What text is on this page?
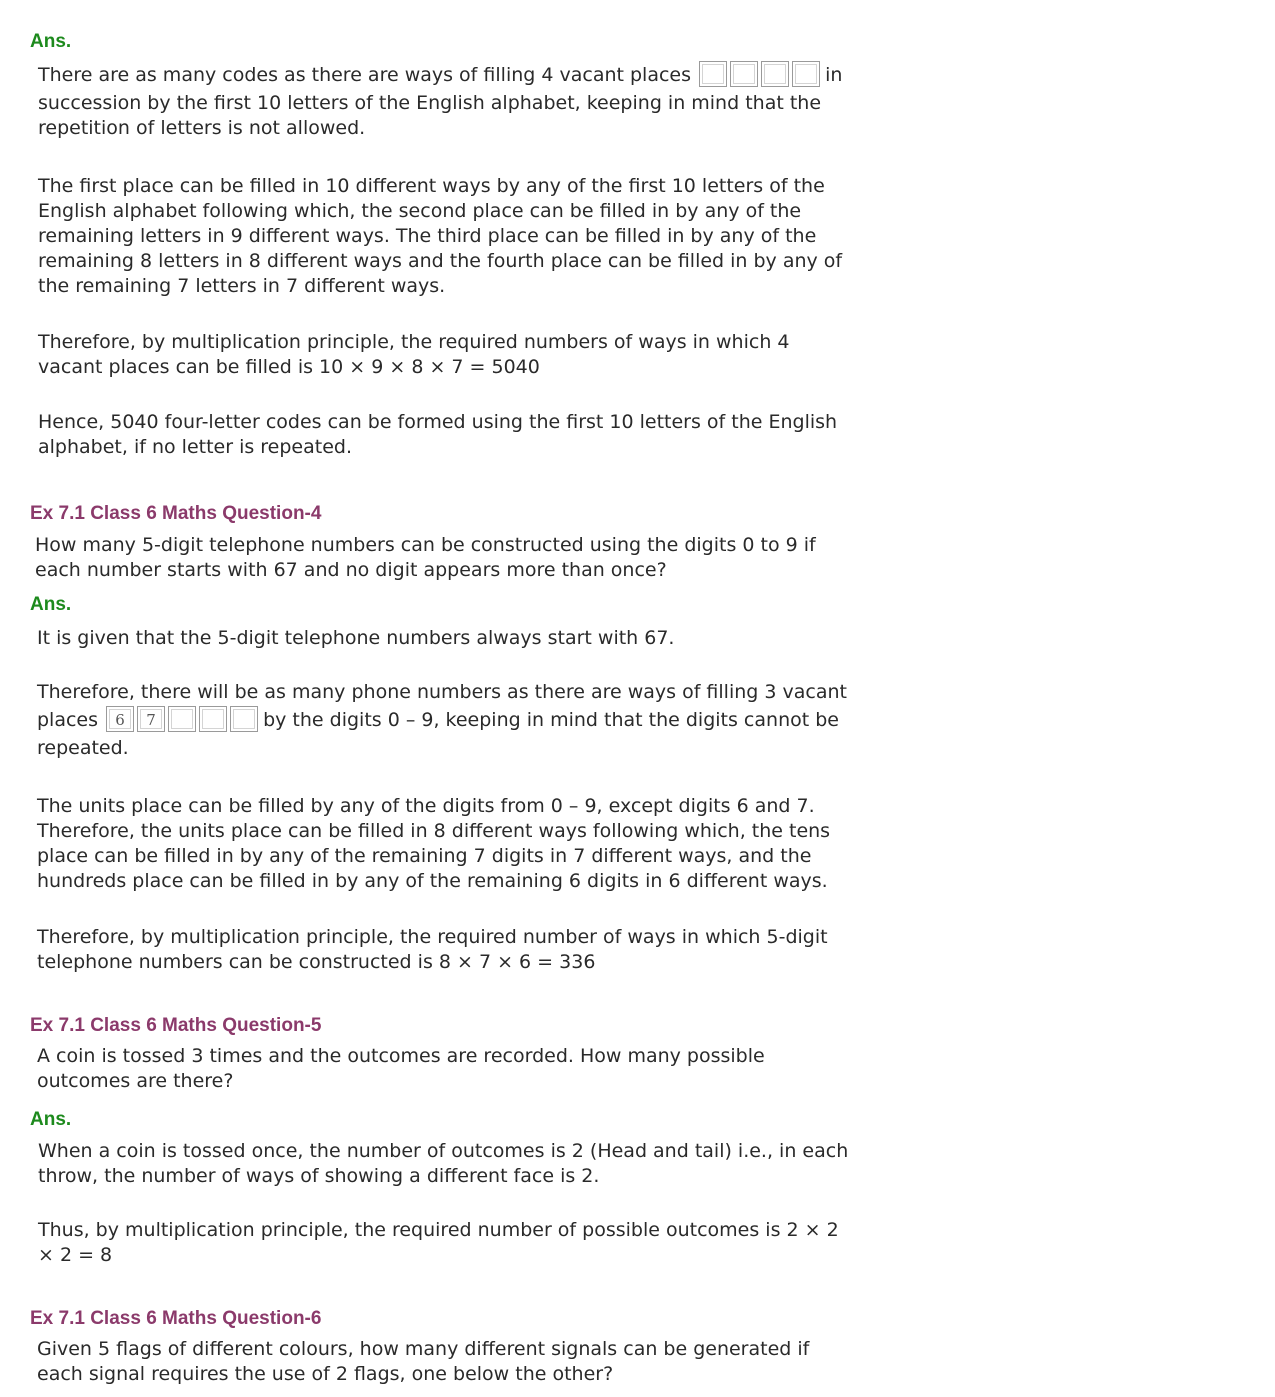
Ans.
There are as many codes as there are ways of filling 4 vacant places	in
succession by the first 10 letters of the English alphabet, keeping in mind that the
repetition of letters is not allowed.
The first place can be filled in 10 different ways by any of the first 10 letters of the
English alphabet following which, the second place can be filled in by any of the
remaining letters in 9 different ways. The third place can be filled in by any of the
remaining 8 letters in 8 different ways and the fourth place can be filled in by any of
the remaining 7 letters in 7 different ways.
Therefore, by multiplication principle, the required numbers of ways in which 4
vacant places can be filled is 10 × 9 × 8 × 7 = 5040
Hence, 5040 four-letter codes can be formed using the first 10 letters of the English
alphabet, if no letter is repeated.
Ex 7.1 Class 6 Maths Question-4
How many 5-digit telephone numbers can be constructed using the digits 0 to 9 if
each number starts with 67 and no digit appears more than once?
Ans.
It is given that the 5-digit telephone numbers always start with 67.
Therefore, there will be as many phone numbers as there are ways of filling 3 vacant
places 6 7	by the digits 0 – 9, keeping in mind that the digits cannot be
repeated.
The units place can be filled by any of the digits from 0 – 9, except digits 6 and 7.
Therefore, the units place can be filled in 8 different ways following which, the tens
place can be filled in by any of the remaining 7 digits in 7 different ways, and the
hundreds place can be filled in by any of the remaining 6 digits in 6 different ways.
Therefore, by multiplication principle, the required number of ways in which 5-digit
telephone numbers can be constructed is 8 × 7 × 6 = 336
Ex 7.1 Class 6 Maths Question-5
A coin is tossed 3 times and the outcomes are recorded. How many possible
outcomes are there?
Ans.
When a coin is tossed once, the number of outcomes is 2 (Head and tail) i.e., in each
throw, the number of ways of showing a different face is 2.
Thus, by multiplication principle, the required number of possible outcomes is 2 × 2
× 2 = 8
Ex 7.1 Class 6 Maths Question-6
Given 5 flags of different colours, how many different signals can be generated if
each signal requires the use of 2 flags, one below the other?
